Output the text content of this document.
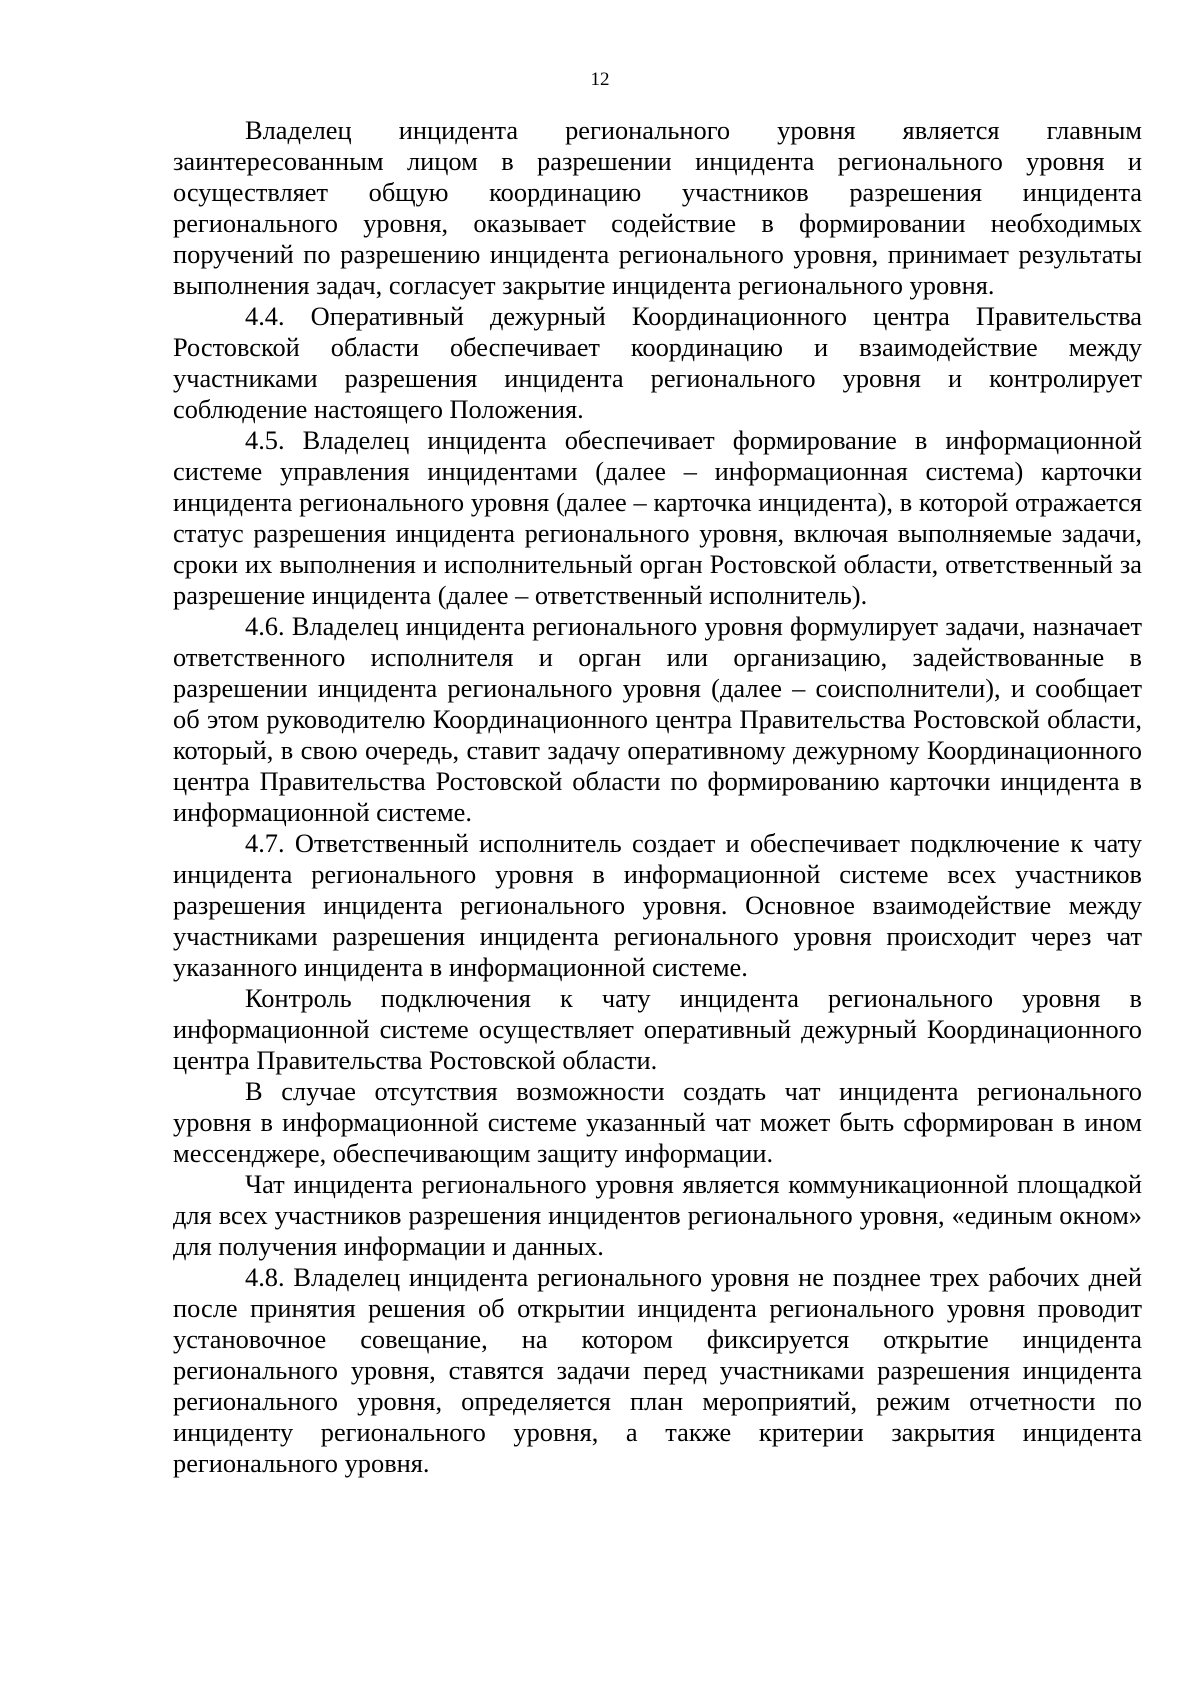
12

Владелец инцидента регионального уровня является главным заинтересованным лицом в разрешении инцидента регионального уровня и осуществляет общую координацию участников разрешения инцидента регионального уровня, оказывает содействие в формировании необходимых поручений по разрешению инцидента регионального уровня, принимает результаты выполнения задач, согласует закрытие инцидента регионального уровня.

4.4. Оперативный дежурный Координационного центра Правительства Ростовской области обеспечивает координацию и взаимодействие между участниками разрешения инцидента регионального уровня и контролирует соблюдение настоящего Положения.

4.5. Владелец инцидента обеспечивает формирование в информационной системе управления инцидентами (далее – информационная система) карточки инцидента регионального уровня (далее – карточка инцидента), в которой отражается статус разрешения инцидента регионального уровня, включая выполняемые задачи, сроки их выполнения и исполнительный орган Ростовской области, ответственный за разрешение инцидента (далее – ответственный исполнитель).

4.6. Владелец инцидента регионального уровня формулирует задачи, назначает ответственного исполнителя и орган или организацию, задействованные в разрешении инцидента регионального уровня (далее – соисполнители), и сообщает об этом руководителю Координационного центра Правительства Ростовской области, который, в свою очередь, ставит задачу оперативному дежурному Координационного центра Правительства Ростовской области по формированию карточки инцидента в информационной системе.

4.7. Ответственный исполнитель создает и обеспечивает подключение к чату инцидента регионального уровня в информационной системе всех участников разрешения инцидента регионального уровня. Основное взаимодействие между участниками разрешения инцидента регионального уровня происходит через чат указанного инцидента в информационной системе.

Контроль подключения к чату инцидента регионального уровня в информационной системе осуществляет оперативный дежурный Координационного центра Правительства Ростовской области.

В случае отсутствия возможности создать чат инцидента регионального уровня в информационной системе указанный чат может быть сформирован в ином мессенджере, обеспечивающим защиту информации.

Чат инцидента регионального уровня является коммуникационной площадкой для всех участников разрешения инцидентов регионального уровня, «единым окном» для получения информации и данных.

4.8. Владелец инцидента регионального уровня не позднее трех рабочих дней после принятия решения об открытии инцидента регионального уровня проводит установочное совещание, на котором фиксируется открытие инцидента регионального уровня, ставятся задачи перед участниками разрешения инцидента регионального уровня, определяется план мероприятий, режим отчетности по инциденту регионального уровня, а также критерии закрытия инцидента регионального уровня.
